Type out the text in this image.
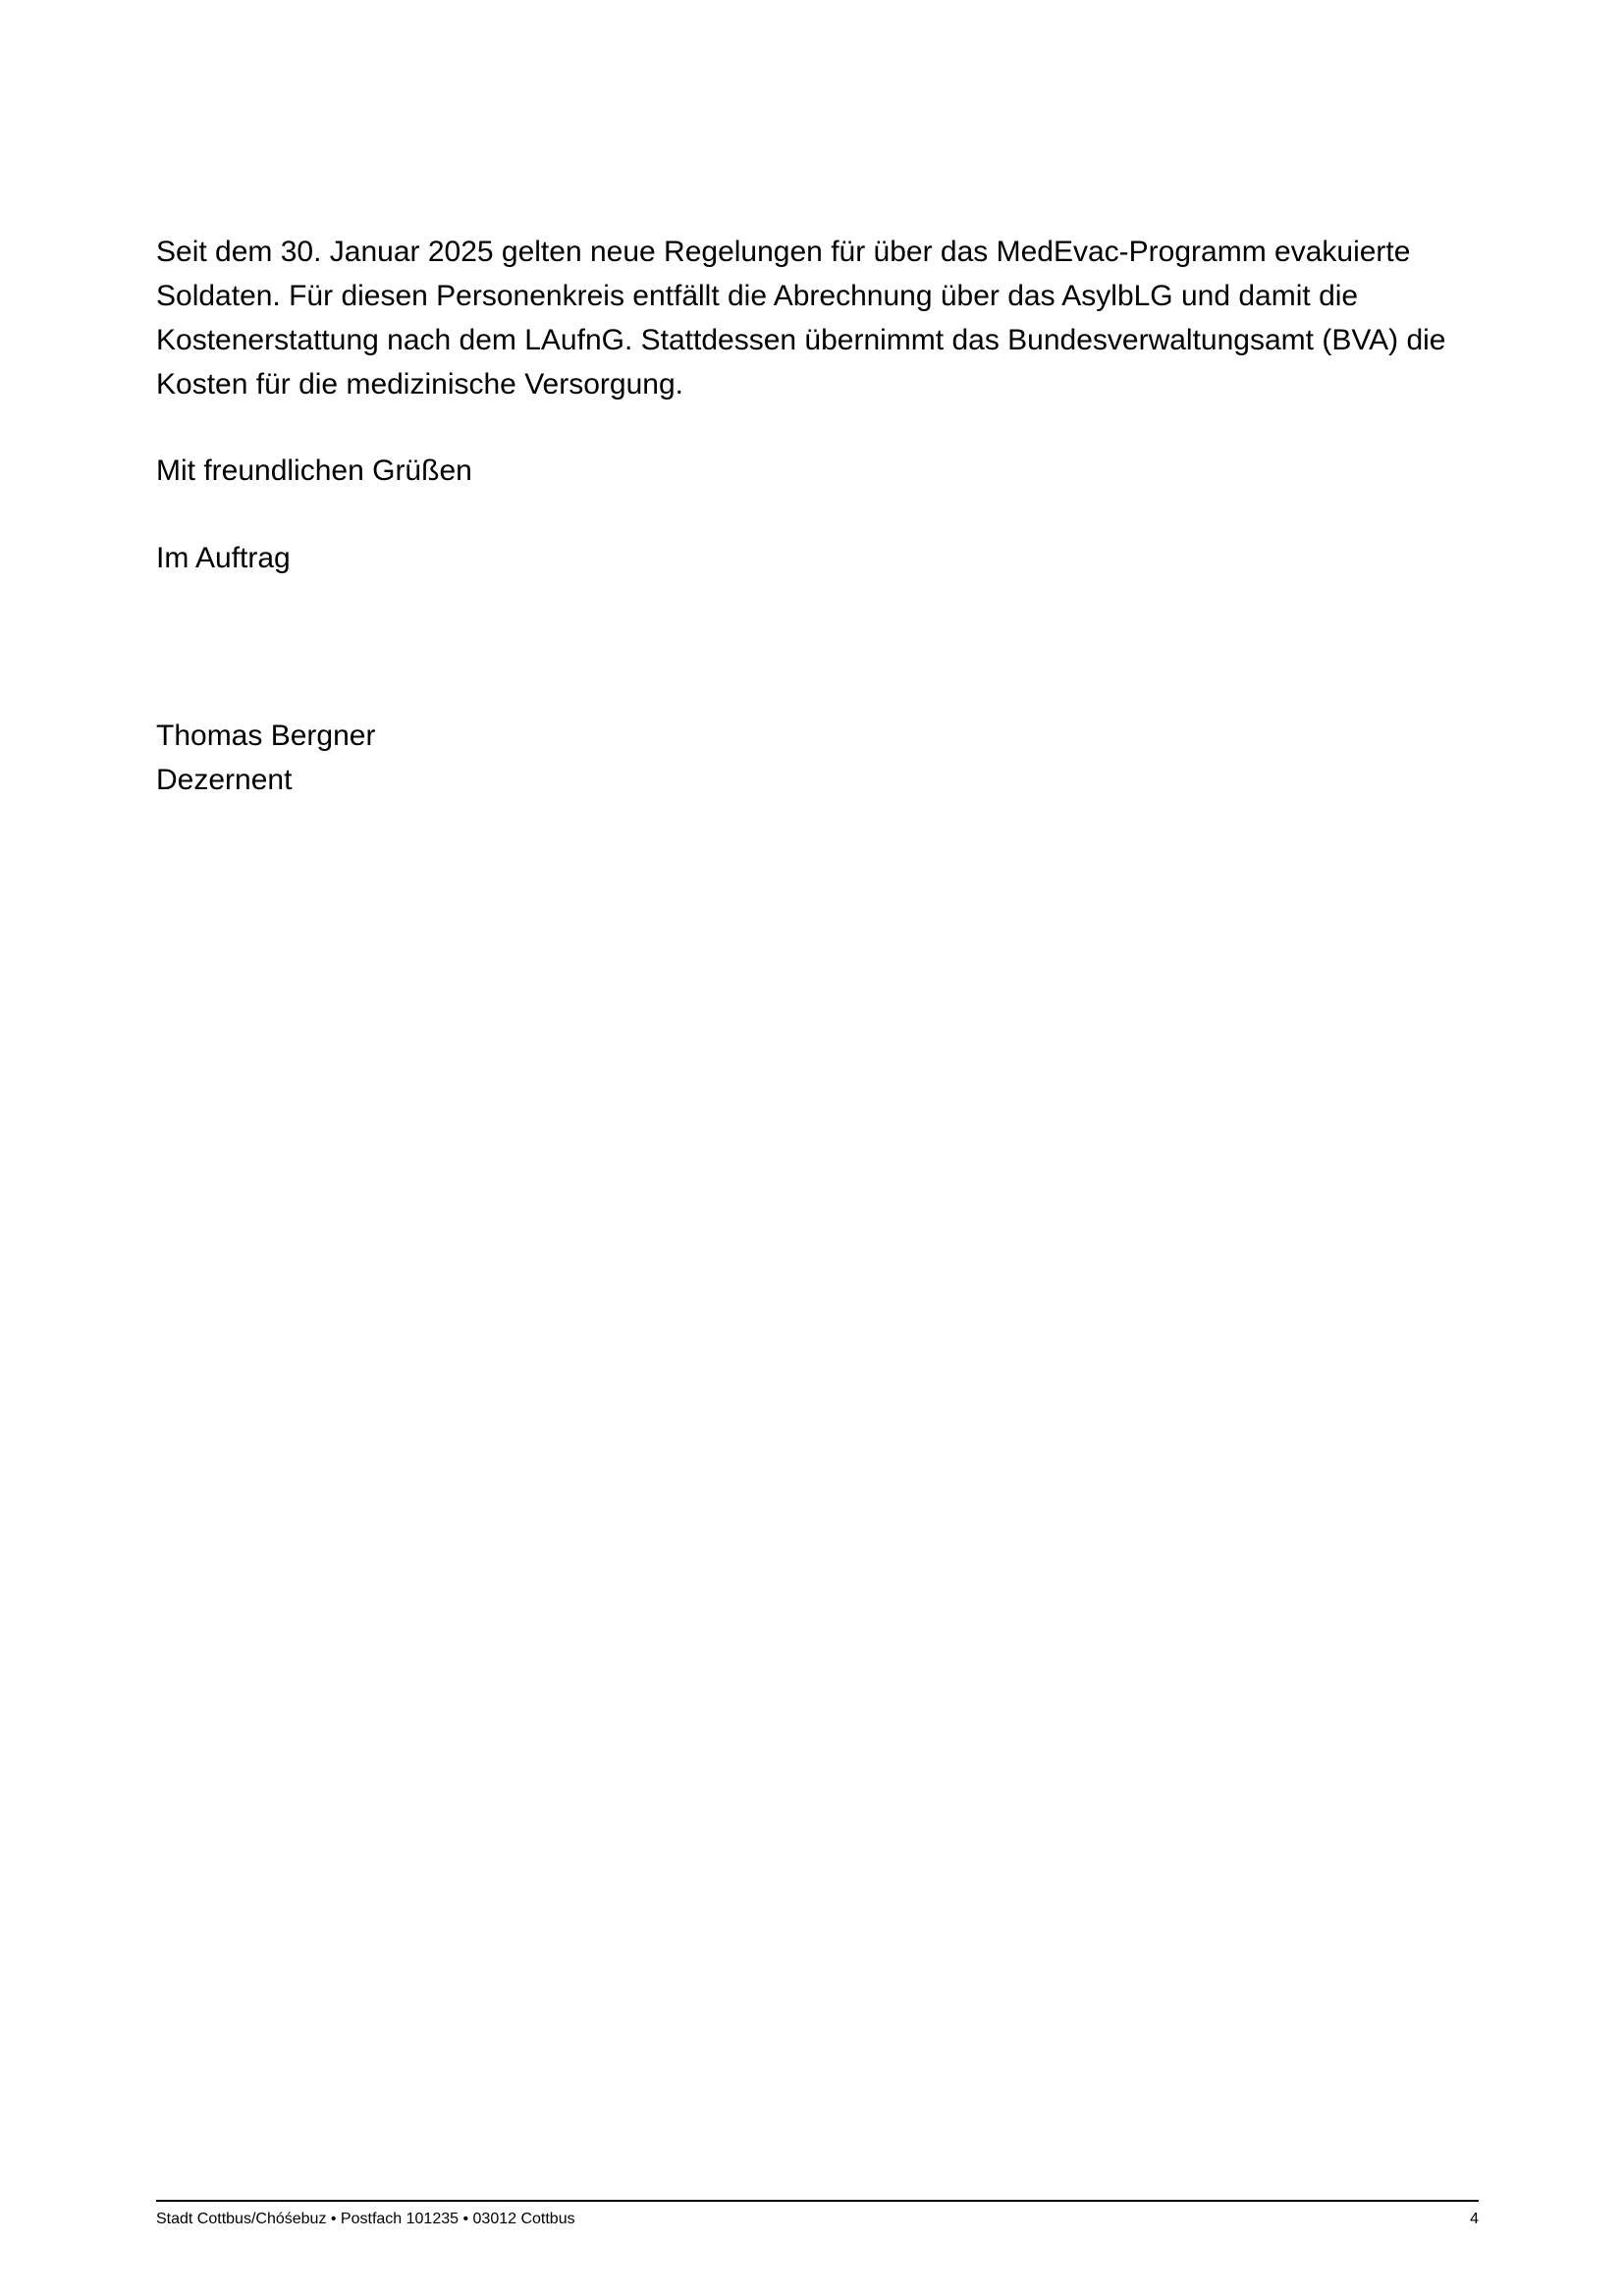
Seit dem 30. Januar 2025 gelten neue Regelungen für über das MedEvac-Programm evakuierte
Soldaten. Für diesen Personenkreis entfällt die Abrechnung über das AsylbLG und damit die
Kostenerstattung nach dem LAufnG. Stattdessen übernimmt das Bundesverwaltungsamt (BVA) die
Kosten für die medizinische Versorgung.
Mit freundlichen Grüßen
Im Auftrag
Thomas Bergner
Dezernent
Stadt Cottbus/Chóśebuz • Postfach 101235 • 03012 Cottbus	4
